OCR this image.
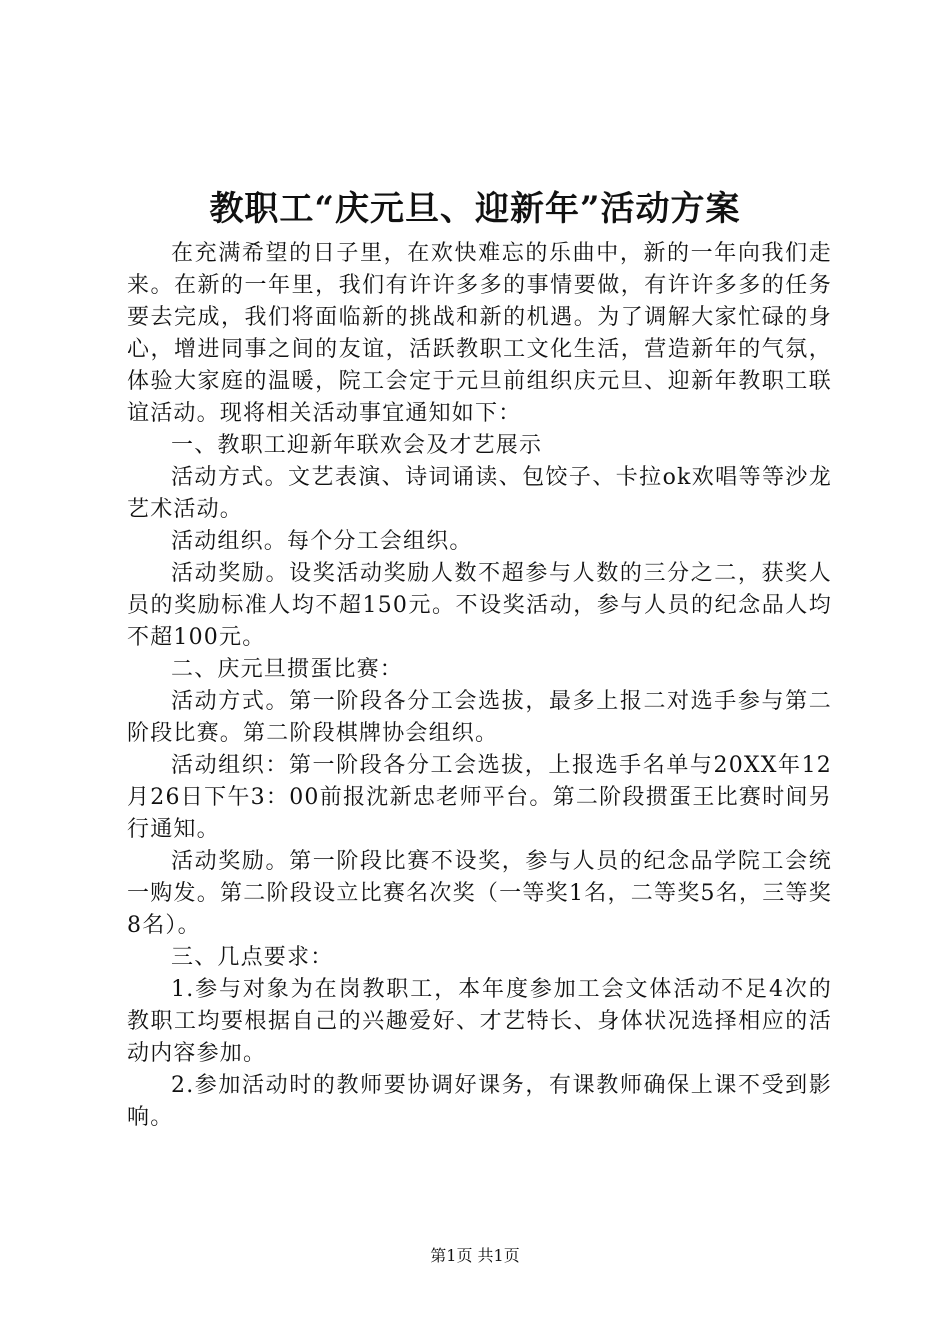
教职工“庆元旦、迎新年”活动方案

在充满希望的日子里，在欢快难忘的乐曲中，新的一年向我们走来。在新的一年里，我们有许许多多的事情要做，有许许多多的任务要去完成，我们将面临新的挑战和新的机遇。为了调解大家忙碌的身心，增进同事之间的友谊，活跃教职工文化生活，营造新年的气氛，体验大家庭的温暖，院工会定于元旦前组织庆元旦、迎新年教职工联谊活动。现将相关活动事宜通知如下：

一、教职工迎新年联欢会及才艺展示

活动方式。文艺表演、诗词诵读、包饺子、卡拉ok欢唱等等沙龙艺术活动。

活动组织。每个分工会组织。

活动奖励。设奖活动奖励人数不超参与人数的三分之二，获奖人员的奖励标准人均不超150元。不设奖活动，参与人员的纪念品人均不超100元。

二、庆元旦掼蛋比赛：

活动方式。第一阶段各分工会选拔，最多上报二对选手参与第二阶段比赛。第二阶段棋牌协会组织。

活动组织：第一阶段各分工会选拔，上报选手名单与20XX年12月26日下午3：00前报沈新忠老师平台。第二阶段掼蛋王比赛时间另行通知。

活动奖励。第一阶段比赛不设奖，参与人员的纪念品学院工会统一购发。第二阶段设立比赛名次奖（一等奖1名，二等奖5名，三等奖8名）。

三、几点要求：

1.参与对象为在岗教职工，本年度参加工会文体活动不足4次的教职工均要根据自己的兴趣爱好、才艺特长、身体状况选择相应的活动内容参加。

2.参加活动时的教师要协调好课务，有课教师确保上课不受到影响。

第1页 共1页
